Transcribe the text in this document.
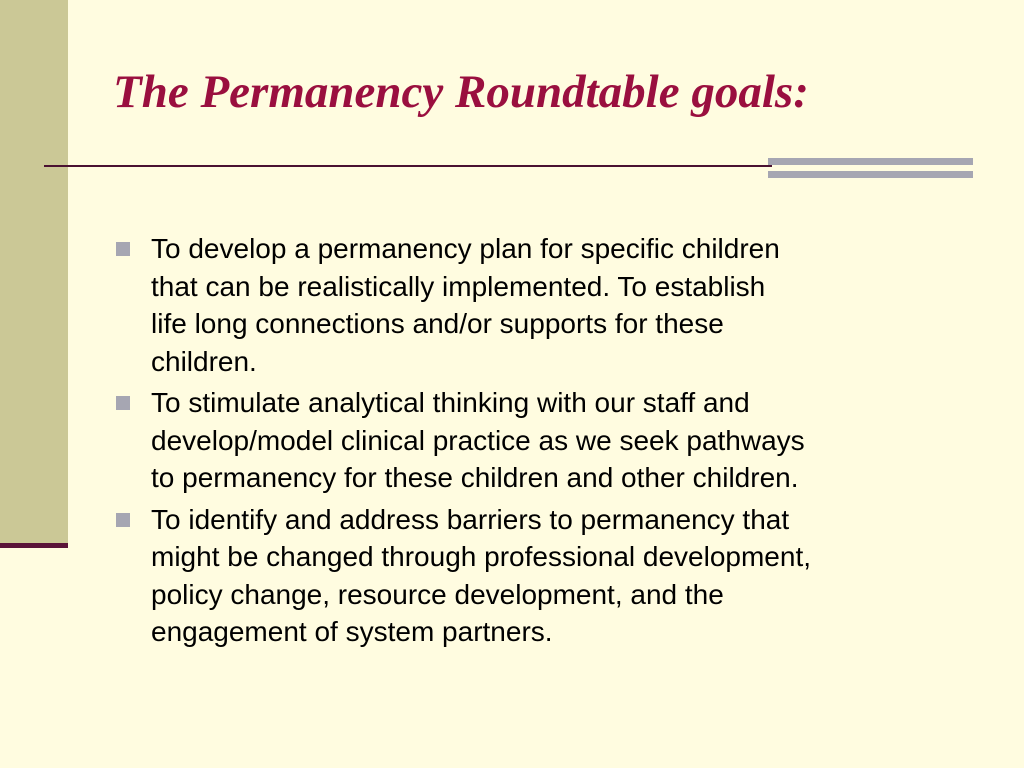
The Permanency Roundtable goals:
To develop a permanency plan for specific children
that can be realistically implemented. To establish
life long connections and/or supports for these
children.
To stimulate analytical thinking with our staff and
develop/model clinical practice as we seek pathways
to permanency for these children and other children.
To identify and address barriers to permanency that
might be changed through professional development,
policy change, resource development, and the
engagement of system partners.
